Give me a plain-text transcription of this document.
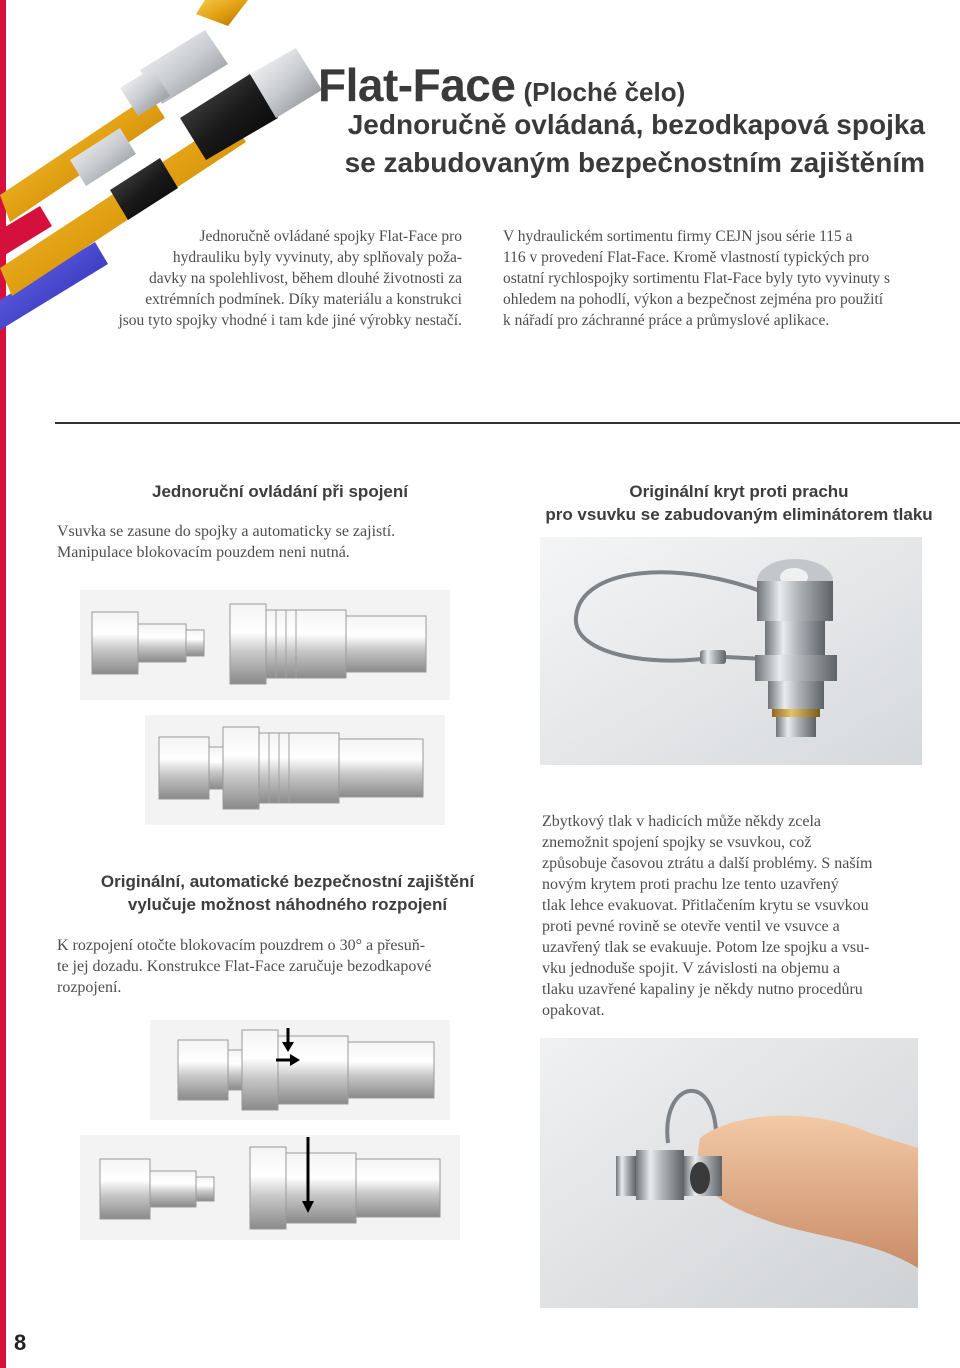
Flat-Face (Ploché čelo)
Jednoručně ovládaná, bezodkapová spojka
se zabudovaným bezpečnostním zajištěním
Jednoručně ovládané spojky Flat-Face pro
hydrauliku byly vyvinuty, aby splňovaly poža-
davky na spolehlivost, během dlouhé životnosti za
extrémních podmínek. Díky materiálu a konstrukci
jsou tyto spojky vhodné i tam kde jiné výrobky nestačí.
V hydraulickém sortimentu firmy CEJN jsou série 115 a
116 v provedení Flat-Face. Kromě vlastností typických pro
ostatní rychlospojky sortimentu Flat-Face byly tyto vyvinuty s
ohledem na pohodlí, výkon a bezpečnost zejména pro použití
k nářadí pro záchranné práce a průmyslové aplikace.
Jednoruční ovládání při spojení
Vsuvka se zasune do spojky a automaticky se zajistí.
Manipulace blokovacím pouzdem neni nutná.
Originální kryt proti prachu
pro vsuvku se zabudovaným eliminátorem tlaku
Originální, automatické bezpečnostní zajištění
vylučuje možnost náhodného rozpojení
K rozpojení otočte blokovacím pouzdrem o 30° a přesuň-
te jej dozadu. Konstrukce Flat-Face zaručuje bezodkapové
rozpojení.
Zbytkový tlak v hadicích může někdy zcela
znemožnit spojení spojky se vsuvkou, což
způsobuje časovou ztrátu a další problémy. S naším
novým krytem proti prachu lze tento uzavřený
tlak lehce evakuovat. Přitlačením krytu se vsuvkou
proti pevné rovině se otevře ventil ve vsuvce a
uzavřený tlak se evakuuje. Potom lze spojku a vsu-
vku jednoduše spojit. V závislosti na objemu a
tlaku uzavřené kapaliny je někdy nutno procedůru
opakovat.
8
